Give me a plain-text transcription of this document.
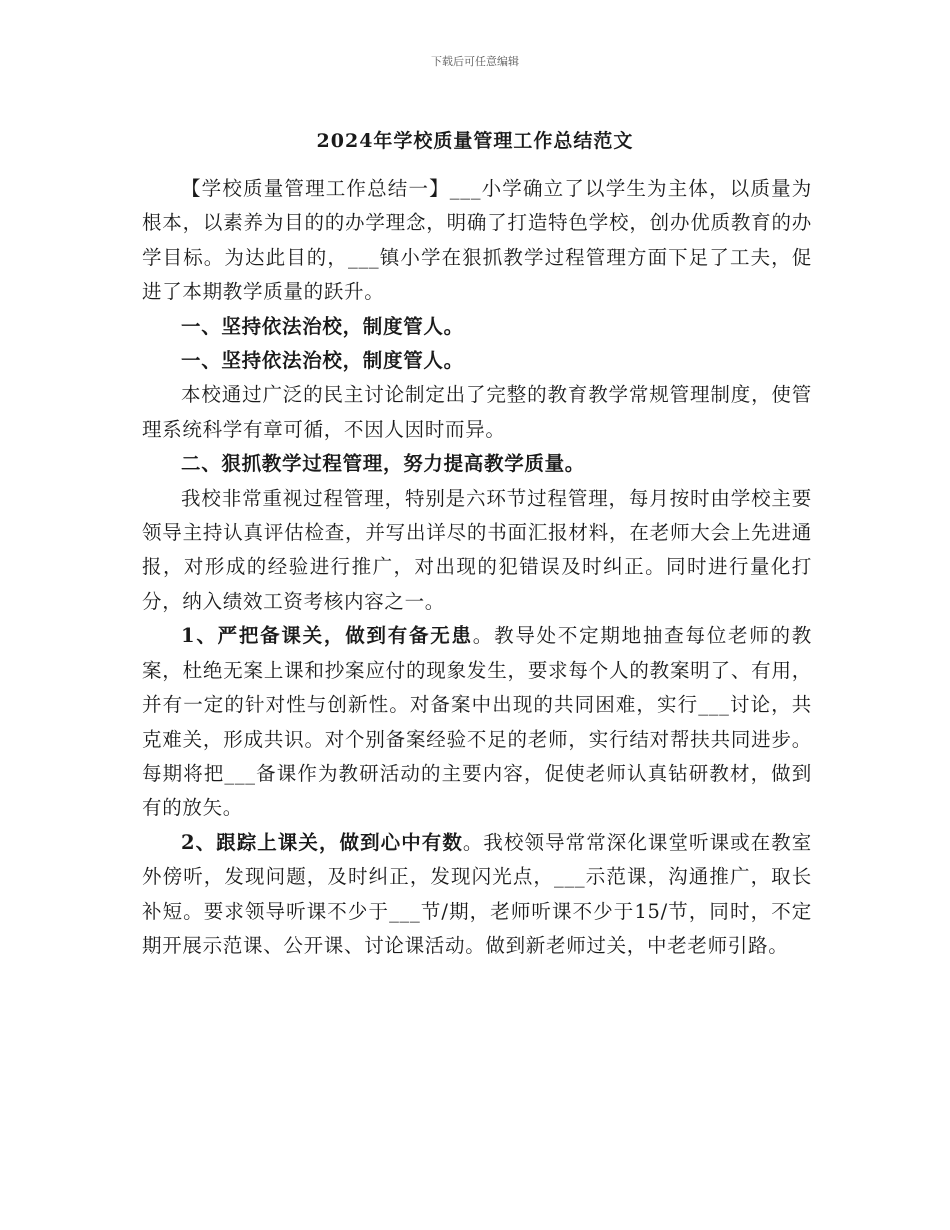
下载后可任意编辑
2024年学校质量管理工作总结范文

【学校质量管理工作总结一】___小学确立了以学生为主体，以质量为根本，以素养为目的的办学理念，明确了打造特色学校，创办优质教育的办学目标。为达此目的，___镇小学在狠抓教学过程管理方面下足了工夫，促进了本期教学质量的跃升。

一、坚持依法治校，制度管人。

一、坚持依法治校，制度管人。

本校通过广泛的民主讨论制定出了完整的教育教学常规管理制度，使管理系统科学有章可循，不因人因时而异。

二、狠抓教学过程管理，努力提高教学质量。

我校非常重视过程管理，特别是六环节过程管理，每月按时由学校主要领导主持认真评估检查，并写出详尽的书面汇报材料，在老师大会上先进通报，对形成的经验进行推广，对出现的犯错误及时纠正。同时进行量化打分，纳入绩效工资考核内容之一。

1、严把备课关，做到有备无患。教导处不定期地抽查每位老师的教案，杜绝无案上课和抄案应付的现象发生，要求每个人的教案明了、有用，并有一定的针对性与创新性。对备案中出现的共同困难，实行___讨论，共克难关，形成共识。对个别备案经验不足的老师，实行结对帮扶共同进步。每期将把___备课作为教研活动的主要内容，促使老师认真钻研教材，做到有的放矢。

2、跟踪上课关，做到心中有数。我校领导常常深化课堂听课或在教室外傍听，发现问题，及时纠正，发现闪光点，___示范课，沟通推广，取长补短。要求领导听课不少于___节/期，老师听课不少于15/节，同时，不定期开展示范课、公开课、讨论课活动。做到新老师过关，中老老师引路。
